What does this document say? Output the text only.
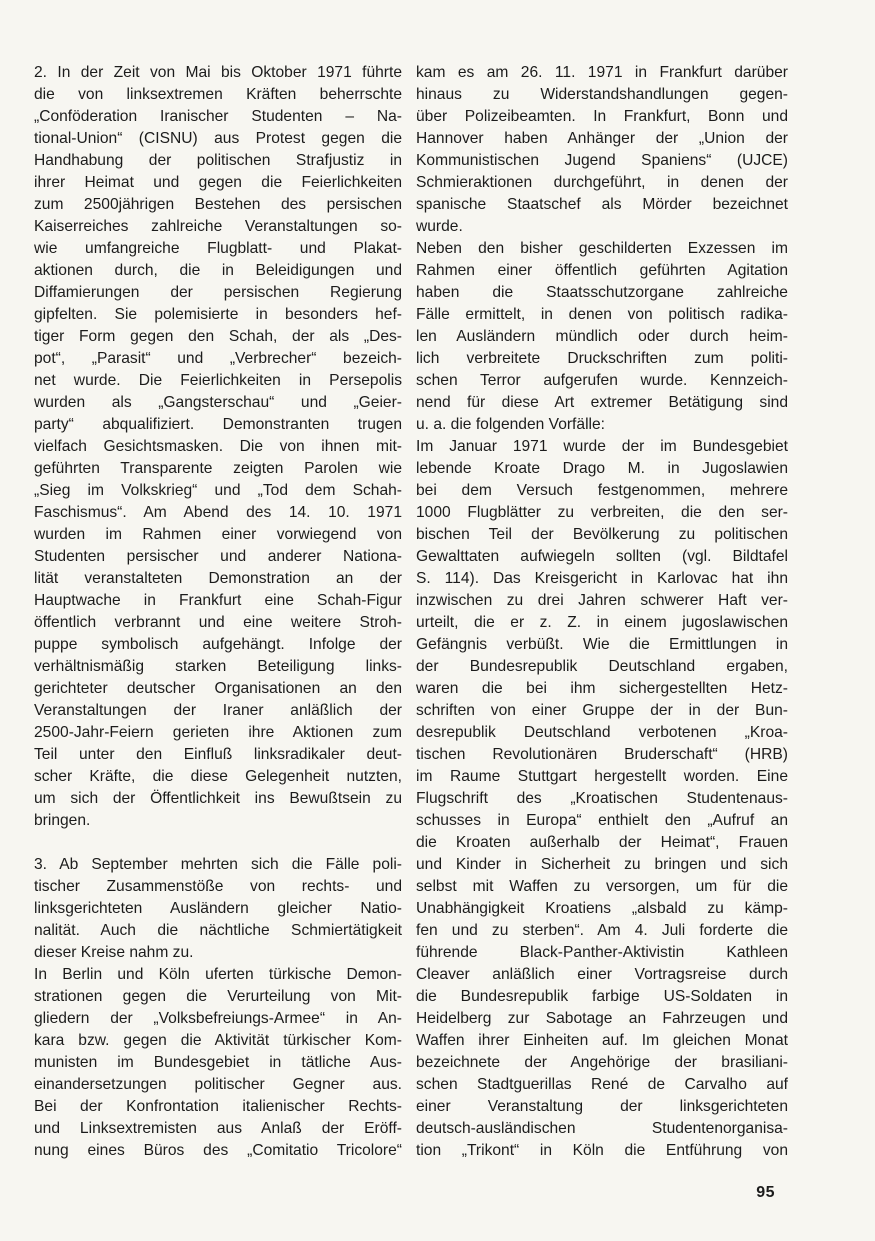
2. In der Zeit von Mai bis Oktober 1971 führte
die von linksextremen Kräften beherrschte
„Conföderation Iranischer Studenten – Na-
tional-Union“ (CISNU) aus Protest gegen die
Handhabung der politischen Strafjustiz in
ihrer Heimat und gegen die Feierlichkeiten
zum 2500jährigen Bestehen des persischen
Kaiserreiches zahlreiche Veranstaltungen so-
wie umfangreiche Flugblatt- und Plakat-
aktionen durch, die in Beleidigungen und
Diffamierungen der persischen Regierung
gipfelten. Sie polemisierte in besonders hef-
tiger Form gegen den Schah, der als „Des-
pot“, „Parasit“ und „Verbrecher“ bezeich-
net wurde. Die Feierlichkeiten in Persepolis
wurden als „Gangsterschau“ und „Geier-
party“ abqualifiziert. Demonstranten trugen
vielfach Gesichtsmasken. Die von ihnen mit-
geführten Transparente zeigten Parolen wie
„Sieg im Volkskrieg“ und „Tod dem Schah-
Faschismus“. Am Abend des 14. 10. 1971
wurden im Rahmen einer vorwiegend von
Studenten persischer und anderer Nationa-
lität veranstalteten Demonstration an der
Hauptwache in Frankfurt eine Schah-Figur
öffentlich verbrannt und eine weitere Stroh-
puppe symbolisch aufgehängt. Infolge der
verhältnismäßig starken Beteiligung links-
gerichteter deutscher Organisationen an den
Veranstaltungen der Iraner anläßlich der
2500-Jahr-Feiern gerieten ihre Aktionen zum
Teil unter den Einfluß linksradikaler deut-
scher Kräfte, die diese Gelegenheit nutzten,
um sich der Öffentlichkeit ins Bewußtsein zu
bringen.
3. Ab September mehrten sich die Fälle poli-
tischer Zusammenstöße von rechts- und
linksgerichteten Ausländern gleicher Natio-
nalität. Auch die nächtliche Schmiertätigkeit
dieser Kreise nahm zu.
In Berlin und Köln uferten türkische Demon-
strationen gegen die Verurteilung von Mit-
gliedern der „Volksbefreiungs-Armee“ in An-
kara bzw. gegen die Aktivität türkischer Kom-
munisten im Bundesgebiet in tätliche Aus-
einandersetzungen politischer Gegner aus.
Bei der Konfrontation italienischer Rechts-
und Linksextremisten aus Anlaß der Eröff-
nung eines Büros des „Comitatio Tricolore“
kam es am 26. 11. 1971 in Frankfurt darüber
hinaus zu Widerstandshandlungen gegen-
über Polizeibeamten. In Frankfurt, Bonn und
Hannover haben Anhänger der „Union der
Kommunistischen Jugend Spaniens“ (UJCE)
Schmieraktionen durchgeführt, in denen der
spanische Staatschef als Mörder bezeichnet
wurde.
Neben den bisher geschilderten Exzessen im
Rahmen einer öffentlich geführten Agitation
haben die Staatsschutzorgane zahlreiche
Fälle ermittelt, in denen von politisch radika-
len Ausländern mündlich oder durch heim-
lich verbreitete Druckschriften zum politi-
schen Terror aufgerufen wurde. Kennzeich-
nend für diese Art extremer Betätigung sind
u. a. die folgenden Vorfälle:
Im Januar 1971 wurde der im Bundesgebiet
lebende Kroate Drago M. in Jugoslawien
bei dem Versuch festgenommen, mehrere
1000 Flugblätter zu verbreiten, die den ser-
bischen Teil der Bevölkerung zu politischen
Gewalttaten aufwiegeln sollten (vgl. Bildtafel
S. 114). Das Kreisgericht in Karlovac hat ihn
inzwischen zu drei Jahren schwerer Haft ver-
urteilt, die er z. Z. in einem jugoslawischen
Gefängnis verbüßt. Wie die Ermittlungen in
der Bundesrepublik Deutschland ergaben,
waren die bei ihm sichergestellten Hetz-
schriften von einer Gruppe der in der Bun-
desrepublik Deutschland verbotenen „Kroa-
tischen Revolutionären Bruderschaft“ (HRB)
im Raume Stuttgart hergestellt worden. Eine
Flugschrift des „Kroatischen Studentenaus-
schusses in Europa“ enthielt den „Aufruf an
die Kroaten außerhalb der Heimat“, Frauen
und Kinder in Sicherheit zu bringen und sich
selbst mit Waffen zu versorgen, um für die
Unabhängigkeit Kroatiens „alsbald zu kämp-
fen und zu sterben“. Am 4. Juli forderte die
führende Black-Panther-Aktivistin Kathleen
Cleaver anläßlich einer Vortragsreise durch
die Bundesrepublik farbige US-Soldaten in
Heidelberg zur Sabotage an Fahrzeugen und
Waffen ihrer Einheiten auf. Im gleichen Monat
bezeichnete der Angehörige der brasiliani-
schen Stadtguerillas René de Carvalho auf
einer Veranstaltung der linksgerichteten
deutsch-ausländischen Studentenorganisa-
tion „Trikont“ in Köln die Entführung von
95
